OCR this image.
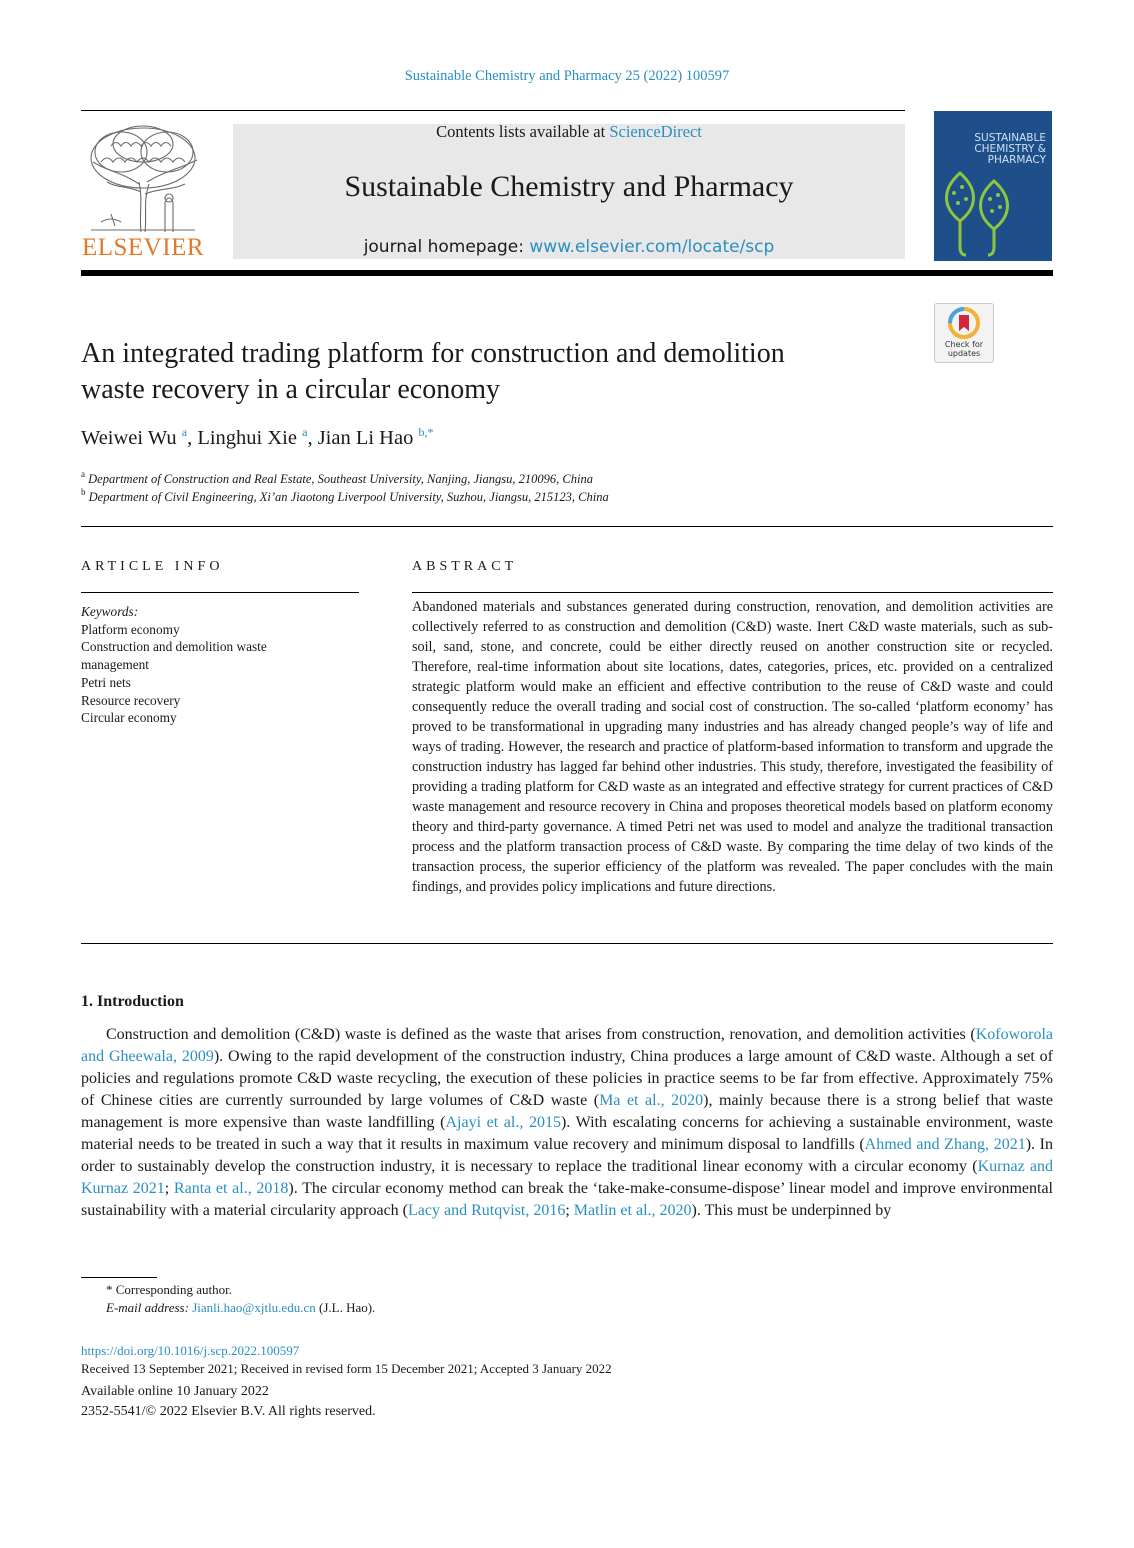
Sustainable Chemistry and Pharmacy 25 (2022) 100597
ELSEVIER
Contents lists available at ScienceDirect
Sustainable Chemistry and Pharmacy
journal homepage: www.elsevier.com/locate/scp
SUSTAINABLE
CHEMISTRY &
PHARMACY
Check for
updates
An integrated trading platform for construction and demolition
waste recovery in a circular economy
Weiwei Wu $^a$, Linghui Xie $^a$, Jian Li Hao $^{b,*}$
$^a$ Department of Construction and Real Estate, Southeast University, Nanjing, Jiangsu, 210096, China
$^b$ Department of Civil Engineering, Xi’an Jiaotong Liverpool University, Suzhou, Jiangsu, 215123, China
ARTICLE INFO
Keywords:
Platform economy
Construction and demolition waste
management
Petri nets
Resource recovery
Circular economy
ABSTRACT
Abandoned materials and substances generated during construction, renovation, and demolition activities are collectively referred to as construction and demolition (C&D) waste. Inert C&D waste materials, such as sub-soil, sand, stone, and concrete, could be either directly reused on another construction site or recycled. Therefore, real-time information about site locations, dates, categories, prices, etc. provided on a centralized strategic platform would make an efficient and effective contribution to the reuse of C&D waste and could consequently reduce the overall trading and social cost of construction. The so-called ‘platform economy’ has proved to be transformational in upgrading many industries and has already changed people’s way of life and ways of trading. However, the research and practice of platform-based information to transform and upgrade the construction industry has lagged far behind other industries. This study, therefore, investigated the feasibility of providing a trading platform for C&D waste as an integrated and effective strategy for current practices of C&D waste management and resource recovery in China and proposes theoretical models based on platform economy theory and third-party governance. A timed Petri net was used to model and analyze the traditional transaction process and the platform transaction process of C&D waste. By comparing the time delay of two kinds of the transaction process, the superior efficiency of the platform was revealed. The paper concludes with the main findings, and provides policy implications and future directions.
1. Introduction
Construction and demolition (C&D) waste is defined as the waste that arises from construction, renovation, and demolition activities (Kofoworola and Gheewala, 2009). Owing to the rapid development of the construction industry, China produces a large amount of C&D waste. Although a set of policies and regulations promote C&D waste recycling, the execution of these policies in practice seems to be far from effective. Approximately 75% of Chinese cities are currently surrounded by large volumes of C&D waste (Ma et al., 2020), mainly because there is a strong belief that waste management is more expensive than waste landfilling (Ajayi et al., 2015). With escalating concerns for achieving a sustainable environment, waste material needs to be treated in such a way that it results in maximum value recovery and minimum disposal to landfills (Ahmed and Zhang, 2021). In order to sustainably develop the construction industry, it is necessary to replace the traditional linear economy with a circular economy (Kurnaz and Kurnaz 2021; Ranta et al., 2018). The circular economy method can break the ‘take-make-consume-dispose’ linear model and improve environmental sustainability with a material circularity approach (Lacy and Rutqvist, 2016; Matlin et al., 2020). This must be underpinned by
* Corresponding author.
E-mail address: Jianli.hao@xjtlu.edu.cn (J.L. Hao).
https://doi.org/10.1016/j.scp.2022.100597
Received 13 September 2021; Received in revised form 15 December 2021; Accepted 3 January 2022
Available online 10 January 2022
2352-5541/© 2022 Elsevier B.V. All rights reserved.
